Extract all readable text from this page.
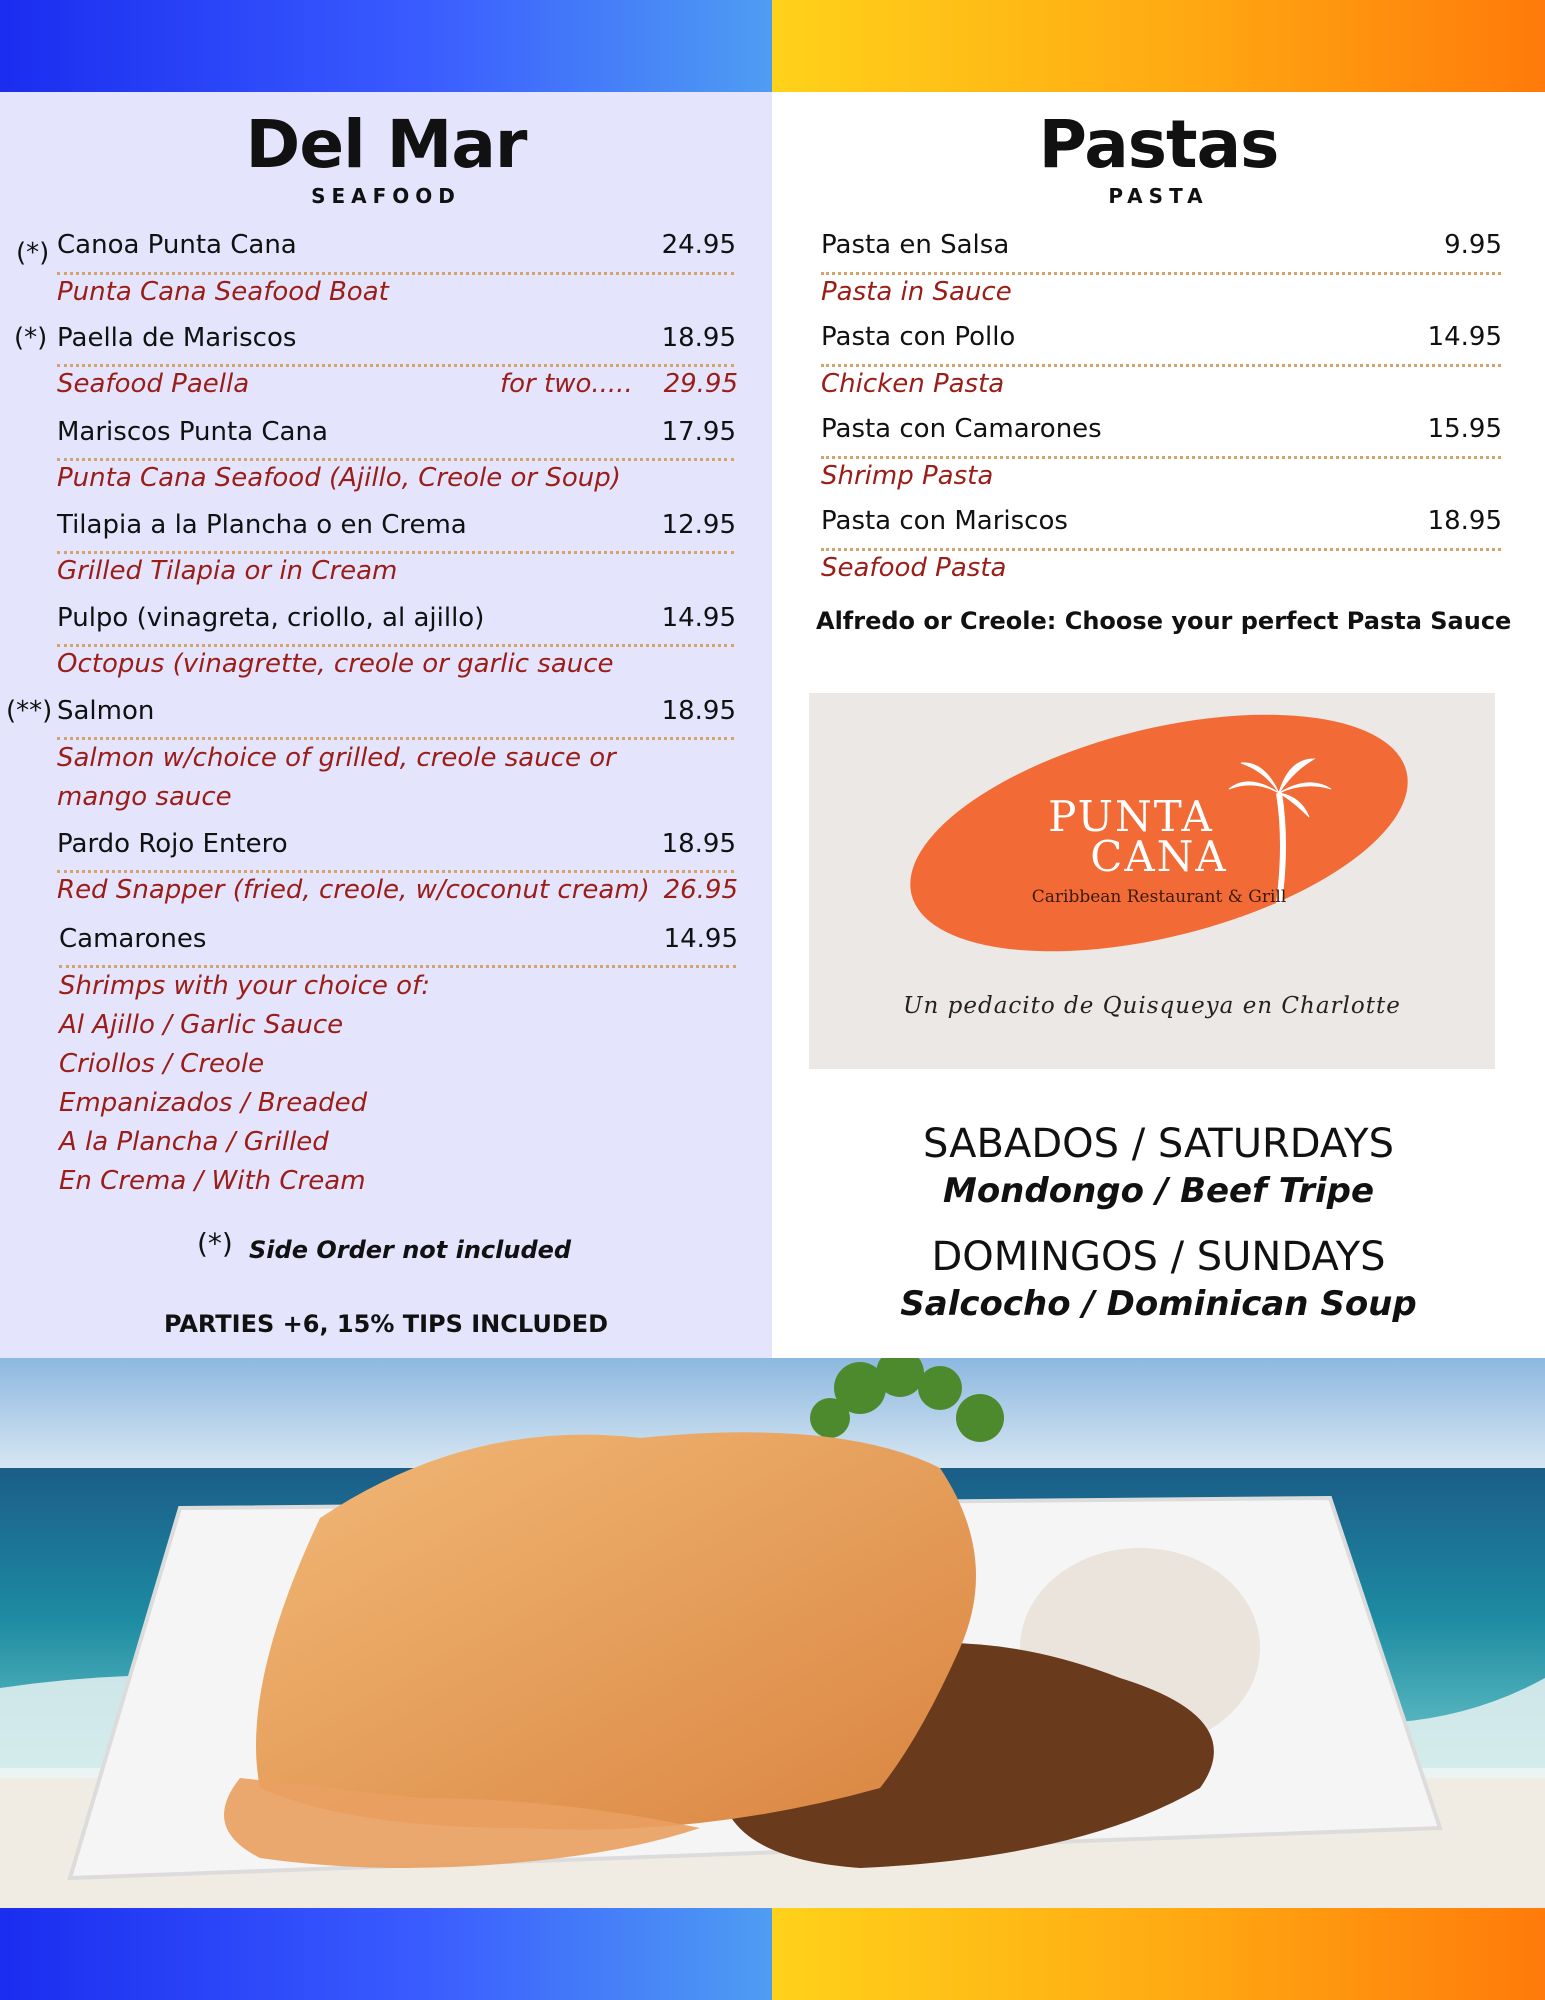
Del Mar
SEAFOOD
(*) Canoa Punta Cana	24.95
Punta Cana Seafood Boat
(*) Paella de Mariscos	18.95
Seafood Paella	for two.....	29.95
Mariscos Punta Cana	17.95
Punta Cana Seafood (Ajillo, Creole or Soup)
Tilapia a la Plancha o en Crema	12.95
Grilled Tilapia or in Cream
Pulpo (vinagreta, criollo, al ajillo)	14.95
Octopus (vinagrette, creole or garlic sauce
(**) Salmon	18.95
Salmon w/choice of grilled, creole sauce or
mango sauce
Pardo Rojo Entero	18.95
Red Snapper (fried, creole, w/coconut cream) 26.95
Camarones	14.95
Shrimps with your choice of:
Al Ajillo / Garlic Sauce
Criollos / Creole
Empanizados / Breaded
A la Plancha / Grilled
En Crema / With Cream
(*) Side Order not included
PARTIES +6, 15% TIPS INCLUDED
Pastas
PASTA
Pasta en Salsa	9.95
Pasta in Sauce
Pasta con Pollo	14.95
Chicken Pasta
Pasta con Camarones	15.95
Shrimp Pasta
Pasta con Mariscos	18.95
Seafood Pasta
Alfredo or Creole: Choose your perfect Pasta Sauce
SABADOS / SATURDAYS
Mondongo / Beef Tripe
DOMINGOS / SUNDAYS
Salcocho / Dominican Soup
PUNTA
CANA
Caribbean Restaurant & Grill
Un pedacito de Quisqueya en Charlotte
